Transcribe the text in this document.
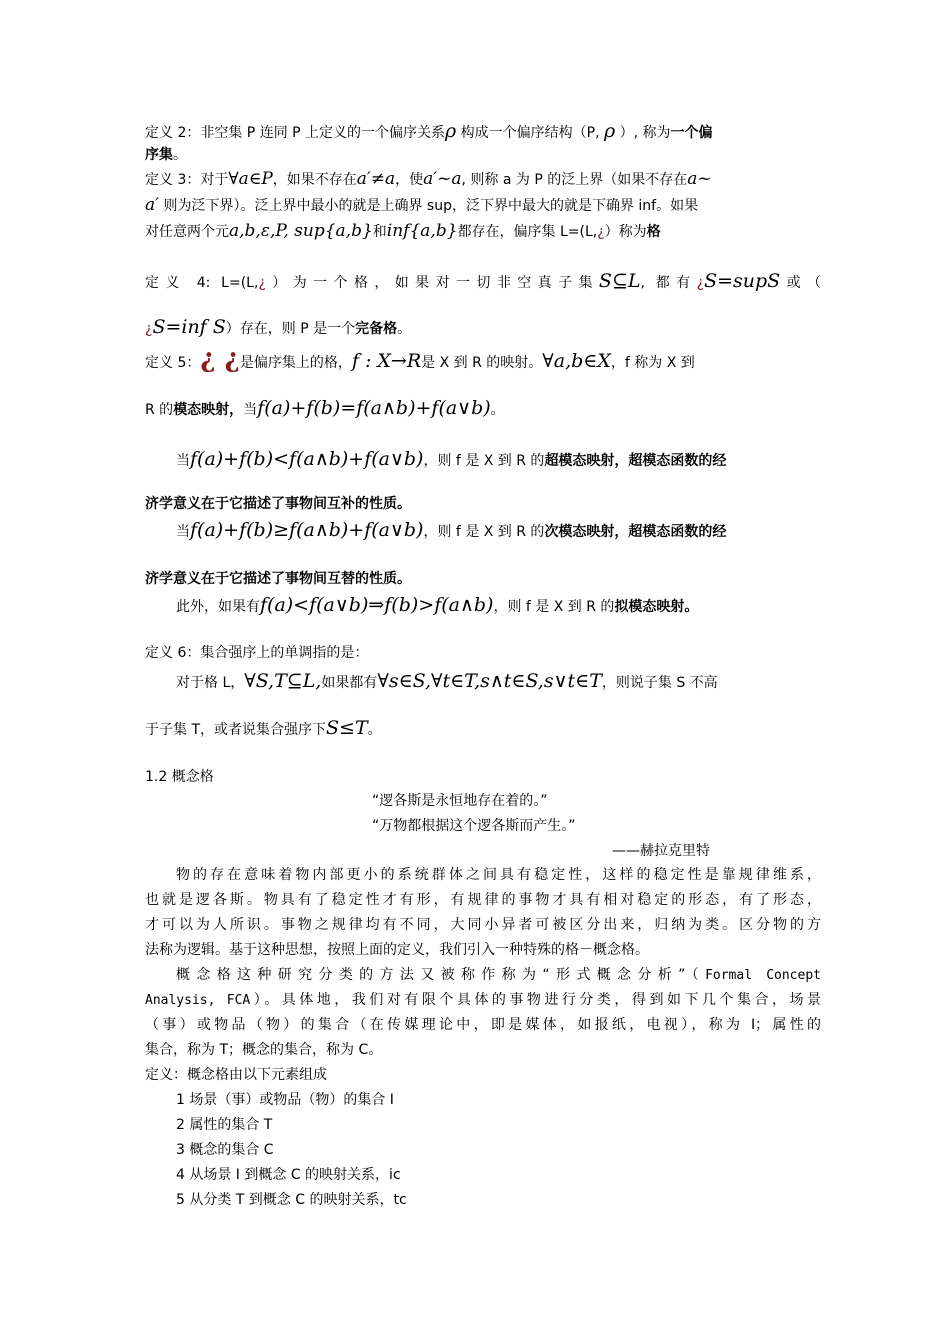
定义 2：非空集 P 连同 P 上定义的一个偏序关系ρ 构成一个偏序结构（P, ρ ）, 称为一个偏
序集。
定义 3：对于∀a∈P，如果不存在a′≠a，使a′~a, 则称 a 为 P 的泛上界（如果不存在a~
a′ 则为泛下界）。泛上界中最小的就是上确界 sup，泛下界中最大的就是下确界 inf。如果
对任意两个元a,b,ε,P, sup{a,b}和inf{a,b}都存在，偏序集 L=(L,¿）称为格
定义 4: L=(L,¿）为一个格，如果对一切非空真子集S⊆L, 都有¿S=supS或（
¿S=inf S）存在，则 P 是一个完备格。
定义 5：¿ ¿是偏序集上的格，f : X→R是 X 到 R 的映射。∀a,b∈X，f 称为 X 到
R 的模态映射，当f(a)+f(b)=f(a∧b)+f(a∨b)。
当f(a)+f(b)<f(a∧b)+f(a∨b)，则 f 是 X 到 R 的超模态映射，超模态函数的经
济学意义在于它描述了事物间互补的性质。
当f(a)+f(b)≥f(a∧b)+f(a∨b)，则 f 是 X 到 R 的次模态映射，超模态函数的经
济学意义在于它描述了事物间互替的性质。
此外，如果有f(a)<f(a∨b)⇒f(b)>f(a∧b)，则 f 是 X 到 R 的拟模态映射。
定义 6：集合强序上的单调指的是：
对于格 L，∀S,T⊆L,如果都有∀s∈S,∀t∈T,s∧t∈S,s∨t∈T，则说子集 S 不高
于子集 T，或者说集合强序下S≤T。
1.2 概念格
“逻各斯是永恒地存在着的。”
“万物都根据这个逻各斯而产生。”
——赫拉克里特
物的存在意味着物内部更小的系统群体之间具有稳定性，这样的稳定性是靠规律维系，
也就是逻各斯。物具有了稳定性才有形，有规律的事物才具有相对稳定的形态，有了形态，
才可以为人所识。事物之规律均有不同，大同小异者可被区分出来，归纳为类。区分物的方
法称为逻辑。基于这种思想，按照上面的定义，我们引入一种特殊的格－概念格。
概念格这种研究分类的方法又被称作称为“形式概念分析”（Formal Concept
Analysis, FCA）。具体地，我们对有限个具体的事物进行分类，得到如下几个集合，场景
（事）或物品（物）的集合（在传媒理论中，即是媒体，如报纸，电视），称为 I；属性的
集合，称为 T；概念的集合，称为 C。
定义：概念格由以下元素组成
1 场景（事）或物品（物）的集合 I
2 属性的集合 T
3 概念的集合 C
4 从场景 I 到概念 C 的映射关系，ic
5 从分类 T 到概念 C 的映射关系，tc
